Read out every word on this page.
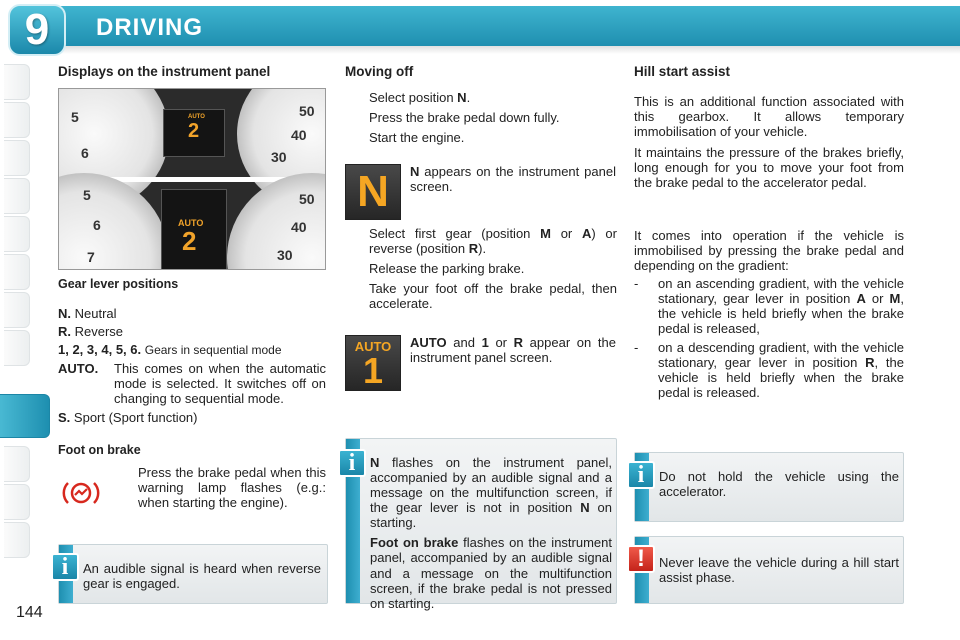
9 DRIVING
Displays on the instrument panel
5
6	30
40
50
AUTO
2
5
6
7	30
40
50
AUTO
2
Gear lever positions
N. Neutral
R. Reverse
1, 2, 3, 4, 5, 6. Gears in sequential mode
AUTO.	This comes on when the automatic mode is selected. It switches off on changing to sequential mode.
S. Sport (Sport function)
Foot on brake
Press the brake pedal when this warning lamp flashes (e.g.: when starting the engine).
i	An audible signal is heard when reverse gear is engaged.
Moving off
Select position N.
Press the brake pedal down fully.
Start the engine.
N N appears on the instrument panel screen.
Select first gear (position M or A) or reverse (position R).
Release the parking brake.
Take your foot off the brake pedal, then accelerate.
AUTO
1
AUTO and 1 or R appear on the instrument panel screen.
i	N flashes on the instrument panel, accompanied by an audible signal and a message on the multifunction screen, if the gear lever is not in position N on starting.

Foot on brake flashes on the instrument panel, accompanied by an audible signal and a message on the multifunction screen, if the brake pedal is not pressed on starting.

Hill start assist

This is an additional function associated with this gearbox. It allows temporary immobilisation of your vehicle.

It maintains the pressure of the brakes briefly, long enough for you to move your foot from the brake pedal to the accelerator pedal.

It comes into operation if the vehicle is immobilised by pressing the brake pedal and depending on the gradient:

- on an ascending gradient, with the vehicle stationary, gear lever in position A or M, the vehicle is held briefly when the brake pedal is released,
- on a descending gradient, with the vehicle stationary, gear lever in position R, the vehicle is held briefly when the brake pedal is released.
i	Do not hold the vehicle using the accelerator.
!	Never leave the vehicle during a hill start assist phase.
144
